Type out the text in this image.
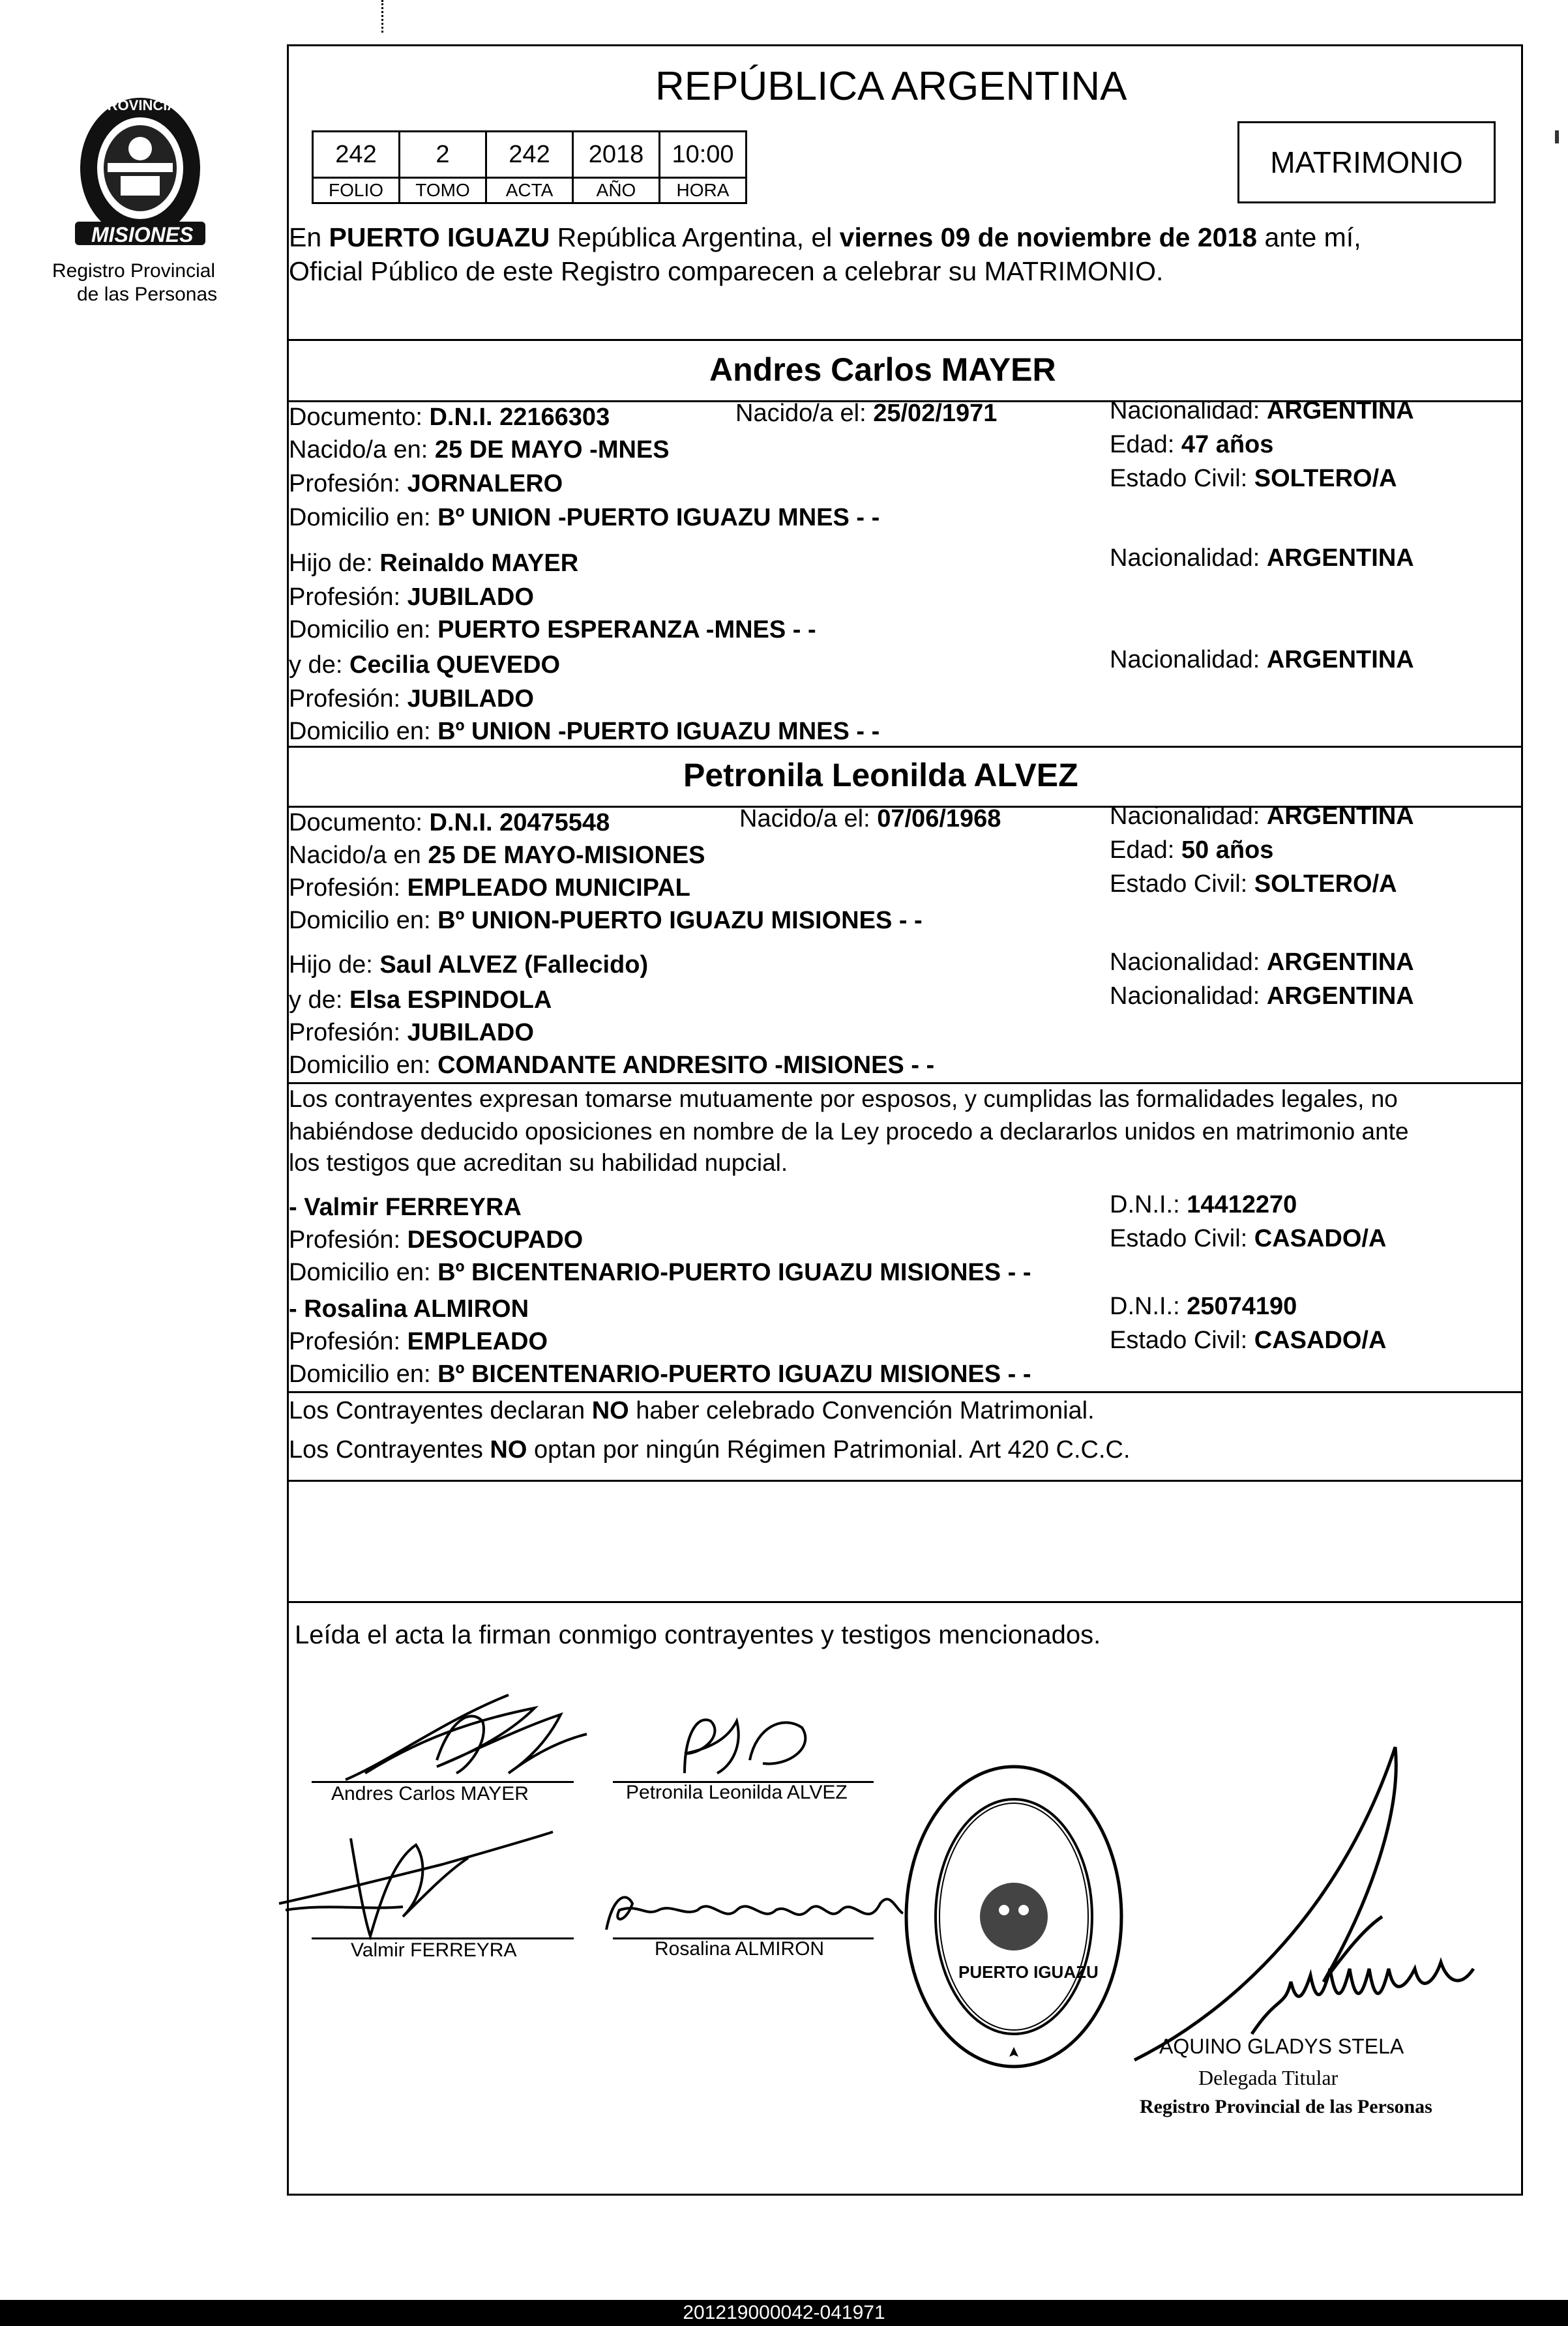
PROVINCIA DE
MISIONES
Registro Provincial
de las Personas
REPÚBLICA ARGENTINA
242	2	242	2018	10:00
FOLIO	TOMO	ACTA	AÑO	HORA
MATRIMONIO
En PUERTO IGUAZU República Argentina, el viernes 09 de noviembre de 2018 ante mí,
Oficial Público de este Registro comparecen a celebrar su MATRIMONIO.
Andres Carlos MAYER
Documento: D.N.I. 22166303	Nacido/a el: 25/02/1971	Nacionalidad: ARGENTINA
Nacido/a en: 25 DE MAYO -MNES	Edad: 47 años
Profesión: JORNALERO	Estado Civil: SOLTERO/A
Domicilio en: Bº UNION -PUERTO IGUAZU MNES - -
Hijo de: Reinaldo MAYER	Nacionalidad: ARGENTINA
Profesión: JUBILADO
Domicilio en: PUERTO ESPERANZA -MNES - -
y de: Cecilia QUEVEDO	Nacionalidad: ARGENTINA
Profesión: JUBILADO
Domicilio en: Bº UNION -PUERTO IGUAZU MNES - -
Petronila Leonilda ALVEZ
Documento: D.N.I. 20475548	Nacido/a el: 07/06/1968	Nacionalidad: ARGENTINA
Nacido/a en 25 DE MAYO-MISIONES	Edad: 50 años
Profesión: EMPLEADO MUNICIPAL	Estado Civil: SOLTERO/A
Domicilio en: Bº UNION-PUERTO IGUAZU MISIONES - -
Hijo de: Saul ALVEZ (Fallecido)	Nacionalidad: ARGENTINA
y de: Elsa ESPINDOLA	Nacionalidad: ARGENTINA
Profesión: JUBILADO
Domicilio en: COMANDANTE ANDRESITO -MISIONES - -
Los contrayentes expresan tomarse mutuamente por esposos, y cumplidas las formalidades legales, no
habiéndose deducido oposiciones en nombre de la Ley procedo a declararlos unidos en matrimonio ante
los testigos que acreditan su habilidad nupcial.
- Valmir FERREYRA	D.N.I.: 14412270
Profesión: DESOCUPADO	Estado Civil: CASADO/A
Domicilio en: Bº BICENTENARIO-PUERTO IGUAZU MISIONES - -
- Rosalina ALMIRON	D.N.I.: 25074190
Profesión: EMPLEADO	Estado Civil: CASADO/A
Domicilio en: Bº BICENTENARIO-PUERTO IGUAZU MISIONES - -
Los Contrayentes declaran NO haber celebrado Convención Matrimonial.
Los Contrayentes NO optan por ningún Régimen Patrimonial. Art 420 C.C.C.
Leída el acta la firman conmigo contrayentes y testigos mencionados.
Andres Carlos MAYER	Petronila Leonilda ALVEZ
Valmir FERREYRA	Rosalina ALMIRON
PUERTO IGUAZU
AQUINO GLADYS STELA
Delegada Titular
Registro Provincial de las Personas
201219000042-041971
